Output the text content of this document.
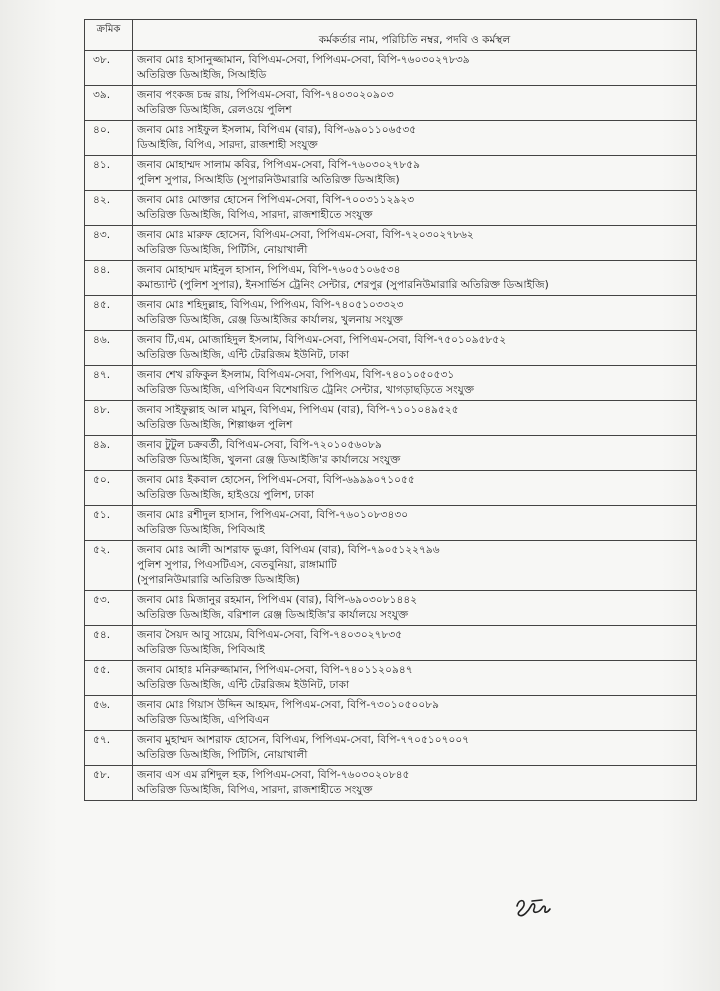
ক্রমিক	কর্মকর্তার নাম, পরিচিতি নম্বর, পদবি ও কর্মস্থল
৩৮.	জনাব মোঃ হাসানুজ্জামান, বিপিএম-সেবা, পিপিএম-সেবা, বিপি-৭৬০৩০২৭৮৩৯
অতিরিক্ত ডিআইজি, সিআইডি

৩৯.	জনাব পংকজ চন্দ্র রায়, পিপিএম-সেবা, বিপি-৭৪০৩০২০৯০৩
অতিরিক্ত ডিআইজি, রেলওয়ে পুলিশ

৪০.	জনাব মোঃ সাইফুল ইসলাম, বিপিএম (বার), বিপি-৬৯০১১০৬৫৩৫
ডিআইজি, বিপিএ, সারদা, রাজশাহী সংযুক্ত

৪১.	জনাব মোহাম্মদ সালাম কবির, পিপিএম-সেবা, বিপি-৭৬০৩০২৭৮৫৯
পুলিশ সুপার, সিআইডি (সুপারনিউমারারি অতিরিক্ত ডিআইজি)

৪২.	জনাব মোঃ মোক্তার হোসেন পিপিএম-সেবা, বিপি-৭০০৩১১২৯২৩
অতিরিক্ত ডিআইজি, বিপিএ, সারদা, রাজশাহীতে সংযুক্ত

৪৩.	জনাব মোঃ মারুফ হোসেন, বিপিএম-সেবা, পিপিএম-সেবা, বিপি-৭২০৩০২৭৮৬২
অতিরিক্ত ডিআইজি, পিটিসি, নোয়াখালী

৪৪.	জনাব মোহাম্মদ মাইনুল হাসান, পিপিএম, বিপি-৭৬০৫১০৬৫৩৪
কমান্ড্যান্ট (পুলিশ সুপার), ইনসার্ভিস ট্রেনিং সেন্টার, শেরপুর (সুপারনিউমারারি অতিরিক্ত ডিআইজি)

৪৫.	জনাব মোঃ শহিদুল্লাহ, বিপিএম, পিপিএম, বিপি-৭৪০৫১০৩৩২৩
অতিরিক্ত ডিআইজি, রেঞ্জ ডিআইজির কার্যালয়, খুলনায় সংযুক্ত

৪৬.	জনাব টি,এম, মোজাহিদুল ইসলাম, বিপিএম-সেবা, পিপিএম-সেবা, বিপি-৭৫০১০৯৫৮৫২
অতিরিক্ত ডিআইজি, এন্টি টেররিজম ইউনিট, ঢাকা

৪৭.	জনাব শেখ রফিকুল ইসলাম, বিপিএম-সেবা, পিপিএম, বিপি-৭৪০১০৫০৫৩১
অতিরিক্ত ডিআইজি, এপিবিএন বিশেষায়িত ট্রেনিং সেন্টার, খাগড়াছড়িতে সংযুক্ত

৪৮.	জনাব সাইফুল্লাহ আল মামুন, বিপিএম, পিপিএম (বার), বিপি-৭১০১০৪৯৫২৫
অতিরিক্ত ডিআইজি, শিল্পাঞ্চল পুলিশ

৪৯.	জনাব টুটুল চক্রবর্তী, বিপিএম-সেবা, বিপি-৭২০১০৫৬০৮৯
অতিরিক্ত ডিআইজি, খুলনা রেঞ্জ ডিআইজি'র কার্যালয়ে সংযুক্ত

৫০.	জনাব মোঃ ইকবাল হোসেন, পিপিএম-সেবা, বিপি-৬৯৯৯০৭১০৫৫
অতিরিক্ত ডিআইজি, হাইওয়ে পুলিশ, ঢাকা

৫১.	জনাব মোঃ রশীদুল হাসান, পিপিএম-সেবা, বিপি-৭৬০১০৮৩৪৩০
অতিরিক্ত ডিআইজি, পিবিআই

৫২.	জনাব মোঃ আলী আশরাফ ভুঞা, বিপিএম (বার), বিপি-৭৯০৫১২২৭৯৬
পুলিশ সুপার, পিএসটিএস, বেতবুনিয়া, রাঙ্গামাটি
(সুপারনিউমারারি অতিরিক্ত ডিআইজি)

৫৩.	জনাব মোঃ মিজানুর রহমান, পিপিএম (বার), বিপি-৬৯০৩০৮১৪৪২
অতিরিক্ত ডিআইজি, বরিশাল রেঞ্জ ডিআইজি'র কার্যালয়ে সংযুক্ত

৫৪.	জনাব সৈয়দ আবু সায়েম, বিপিএম-সেবা, বিপি-৭৪০৩০২৭৮৩৫
অতিরিক্ত ডিআইজি, পিবিআই

৫৫.	জনাব মোহাঃ মনিরুজ্জামান, পিপিএম-সেবা, বিপি-৭৪০১১২০৯৪৭
অতিরিক্ত ডিআইজি, এন্টি টেররিজম ইউনিট, ঢাকা

৫৬.	জনাব মোঃ গিয়াস উদ্দিন আহমদ, পিপিএম-সেবা, বিপি-৭৩০১০৫০০৮৯
অতিরিক্ত ডিআইজি, এপিবিএন

৫৭.	জনাব মুহাম্মদ আশরাফ হোসেন, বিপিএম, পিপিএম-সেবা, বিপি-৭৭০৫১০৭০০৭
অতিরিক্ত ডিআইজি, পিটিসি, নোয়াখালী

৫৮.	জনাব এস এম রশিদুল হক, পিপিএম-সেবা, বিপি-৭৬০৩০২০৮৪৫
অতিরিক্ত ডিআইজি, বিপিএ, সারদা, রাজশাহীতে সংযুক্ত
